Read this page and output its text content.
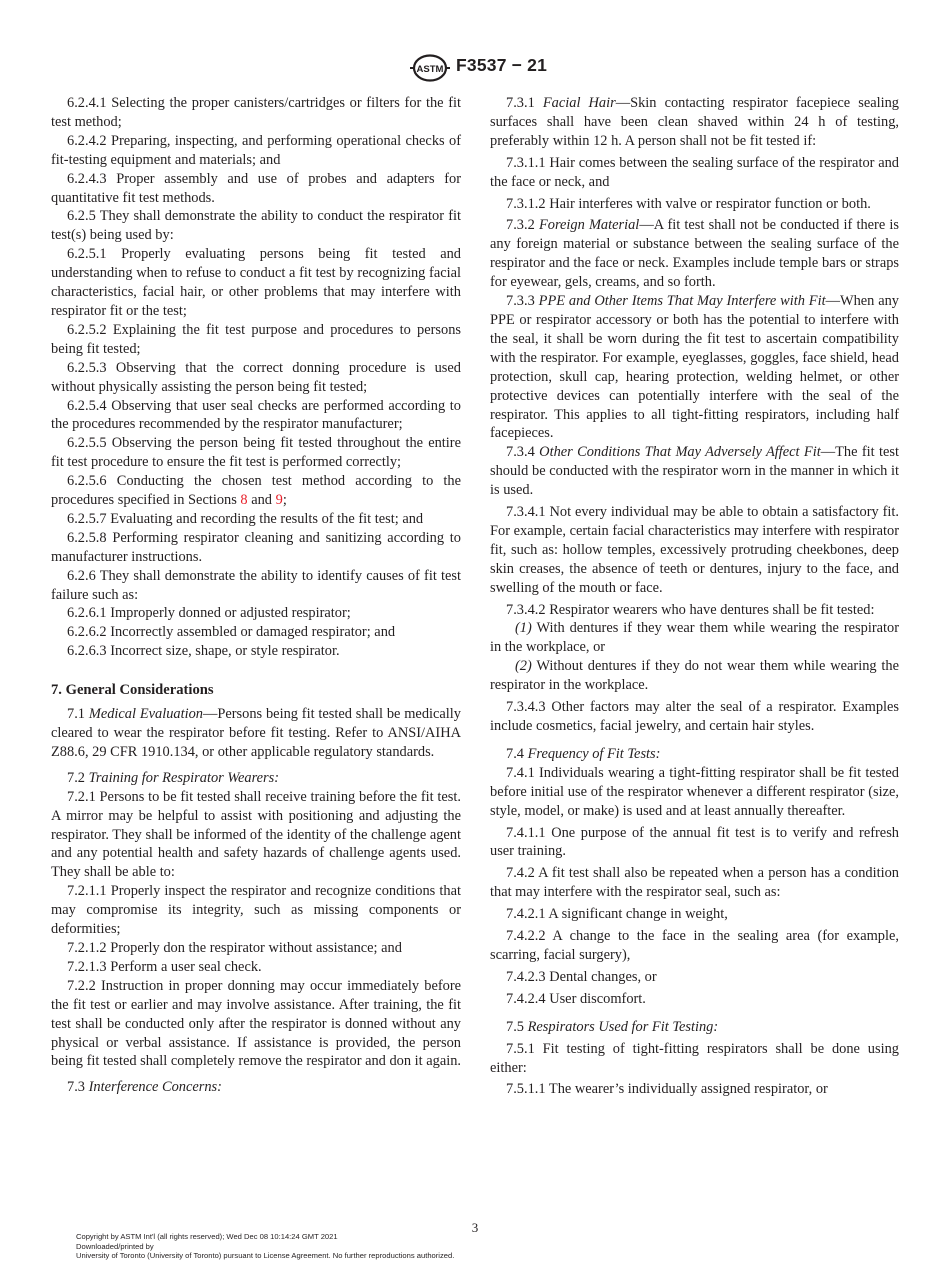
ASTM F3537 − 21

6.2.4.1 Selecting the proper canisters/cartridges or filters for the fit test method;

6.2.4.2 Preparing, inspecting, and performing operational checks of fit-testing equipment and materials; and

6.2.4.3 Proper assembly and use of probes and adapters for quantitative fit test methods.

6.2.5 They shall demonstrate the ability to conduct the respirator fit test(s) being used by:

6.2.5.1 Properly evaluating persons being fit tested and understanding when to refuse to conduct a fit test by recognizing facial characteristics, facial hair, or other problems that may interfere with respirator fit or the test;

6.2.5.2 Explaining the fit test purpose and procedures to persons being fit tested;

6.2.5.3 Observing that the correct donning procedure is used without physically assisting the person being fit tested;

6.2.5.4 Observing that user seal checks are performed according to the procedures recommended by the respirator manufacturer;

6.2.5.5 Observing the person being fit tested throughout the entire fit test procedure to ensure the fit test is performed correctly;

6.2.5.6 Conducting the chosen test method according to the procedures specified in Sections 8 and 9;

6.2.5.7 Evaluating and recording the results of the fit test; and

6.2.5.8 Performing respirator cleaning and sanitizing according to manufacturer instructions.

6.2.6 They shall demonstrate the ability to identify causes of fit test failure such as:

6.2.6.1 Improperly donned or adjusted respirator;

6.2.6.2 Incorrectly assembled or damaged respirator; and

6.2.6.3 Incorrect size, shape, or style respirator.

7. General Considerations

7.1 Medical Evaluation—Persons being fit tested shall be medically cleared to wear the respirator before fit testing. Refer to ANSI/AIHA Z88.6, 29 CFR 1910.134, or other applicable regulatory standards.

7.2 Training for Respirator Wearers:

7.2.1 Persons to be fit tested shall receive training before the fit test. A mirror may be helpful to assist with positioning and adjusting the respirator. They shall be informed of the identity of the challenge agent and any potential health and safety hazards of challenge agents used. They shall be able to:

7.2.1.1 Properly inspect the respirator and recognize conditions that may compromise its integrity, such as missing components or deformities;

7.2.1.2 Properly don the respirator without assistance; and

7.2.1.3 Perform a user seal check.

7.2.2 Instruction in proper donning may occur immediately before the fit test or earlier and may involve assistance. After training, the fit test shall be conducted only after the respirator is donned without any physical or verbal assistance. If assistance is provided, the person being fit tested shall completely remove the respirator and don it again.

7.3 Interference Concerns:

7.3.1 Facial Hair—Skin contacting respirator facepiece sealing surfaces shall have been clean shaved within 24 h of testing, preferably within 12 h. A person shall not be fit tested if:

7.3.1.1 Hair comes between the sealing surface of the respirator and the face or neck, and

7.3.1.2 Hair interferes with valve or respirator function or both.

7.3.2 Foreign Material—A fit test shall not be conducted if there is any foreign material or substance between the sealing surface of the respirator and the face or neck. Examples include temple bars or straps for eyewear, gels, creams, and so forth.

7.3.3 PPE and Other Items That May Interfere with Fit—When any PPE or respirator accessory or both has the potential to interfere with the seal, it shall be worn during the fit test to ascertain compatibility with the respirator. For example, eyeglasses, goggles, face shield, head protection, skull cap, hearing protection, welding helmet, or other protective devices can potentially interfere with the seal of the respirator. This applies to all tight-fitting respirators, including half facepieces.

7.3.4 Other Conditions That May Adversely Affect Fit—The fit test should be conducted with the respirator worn in the manner in which it is used.

7.3.4.1 Not every individual may be able to obtain a satisfactory fit. For example, certain facial characteristics may interfere with respirator fit, such as: hollow temples, excessively protruding cheekbones, deep skin creases, the absence of teeth or dentures, injury to the face, and swelling of the mouth or face.

7.3.4.2 Respirator wearers who have dentures shall be fit tested:

(1) With dentures if they wear them while wearing the respirator in the workplace, or

(2) Without dentures if they do not wear them while wearing the respirator in the workplace.

7.3.4.3 Other factors may alter the seal of a respirator. Examples include cosmetics, facial jewelry, and certain hair styles.

7.4 Frequency of Fit Tests:

7.4.1 Individuals wearing a tight-fitting respirator shall be fit tested before initial use of the respirator whenever a different respirator (size, style, model, or make) is used and at least annually thereafter.

7.4.1.1 One purpose of the annual fit test is to verify and refresh user training.

7.4.2 A fit test shall also be repeated when a person has a condition that may interfere with the respirator seal, such as:

7.4.2.1 A significant change in weight,

7.4.2.2 A change to the face in the sealing area (for example, scarring, facial surgery),

7.4.2.3 Dental changes, or

7.4.2.4 User discomfort.

7.5 Respirators Used for Fit Testing:

7.5.1 Fit testing of tight-fitting respirators shall be done using either:

7.5.1.1 The wearer’s individually assigned respirator, or

3
Copyright by ASTM Int'l (all rights reserved); Wed Dec 08 10:14:24 GMT 2021
Downloaded/printed by
University of Toronto (University of Toronto) pursuant to License Agreement. No further reproductions authorized.
